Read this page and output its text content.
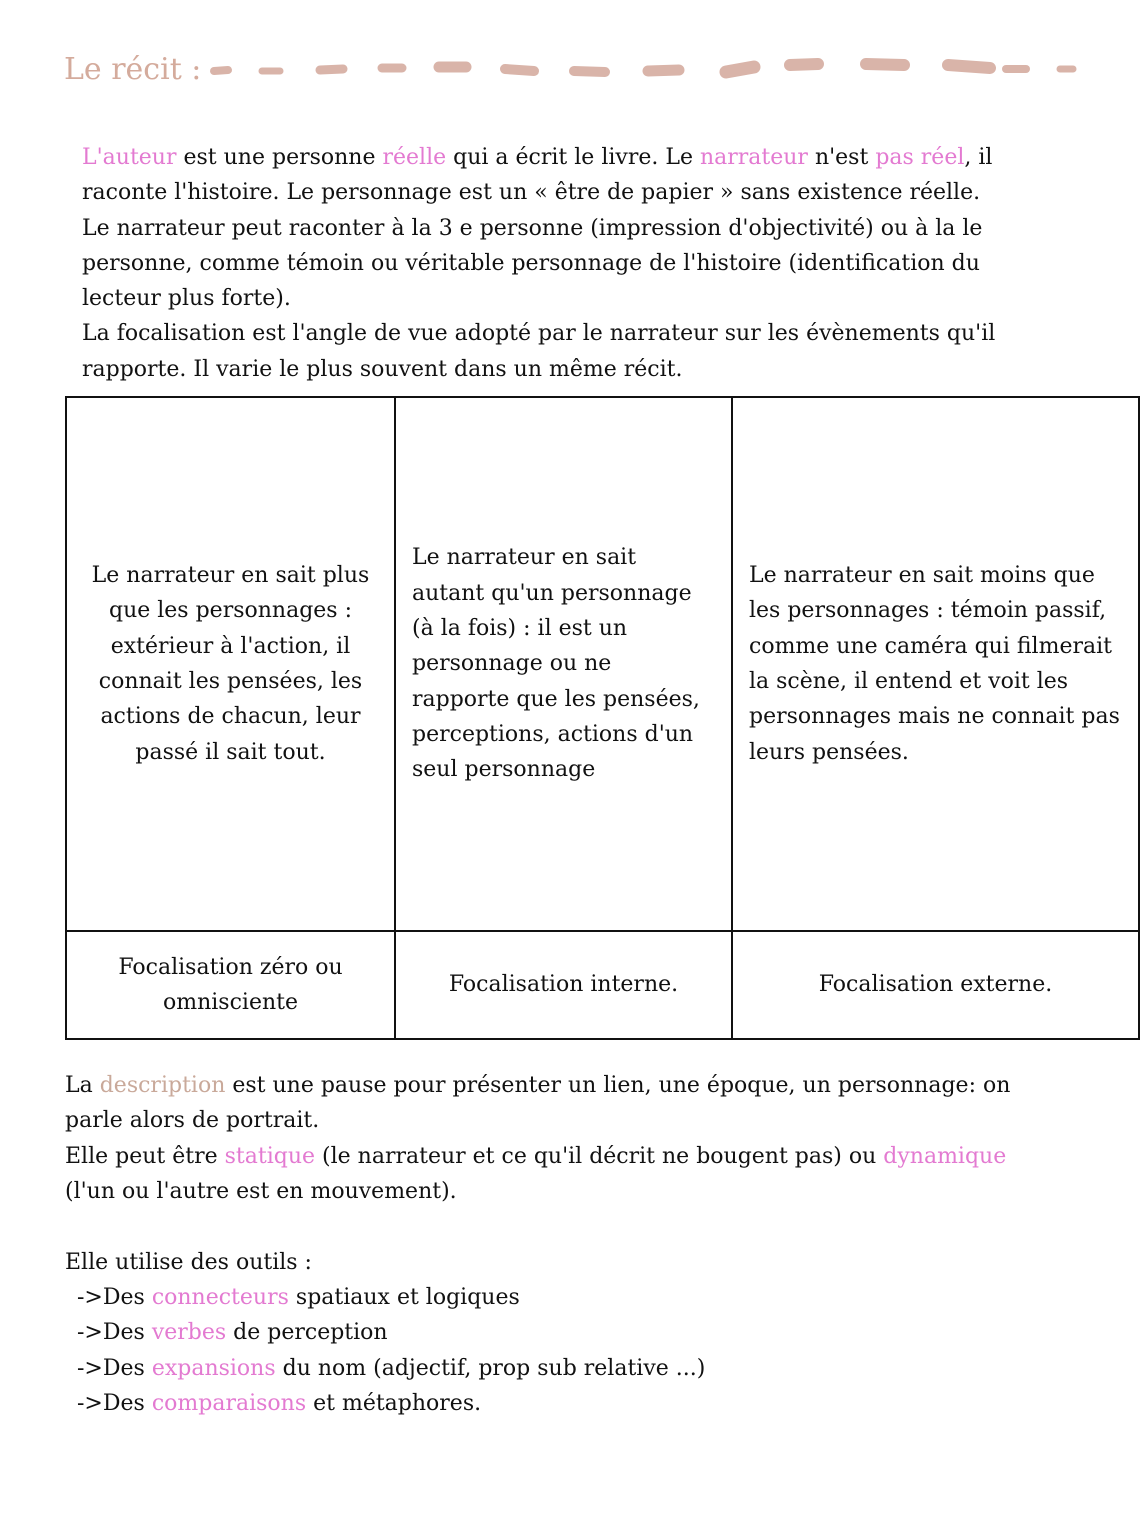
Le récit :

L'auteur est une personne réelle qui a écrit le livre. Le narrateur n'est pas réel, il raconte l'histoire. Le personnage est un « être de papier » sans existence réelle.

Le narrateur peut raconter à la 3 e personne (impression d'objectivité) ou à la le personne, comme témoin ou véritable personnage de l'histoire (identification du lecteur plus forte).

La focalisation est l'angle de vue adopté par le narrateur sur les évènements qu'il rapporte. Il varie le plus souvent dans un même récit.

Le narrateur en sait plus que les personnages : extérieur à l'action, il connait les pensées, les actions de chacun, leur passé il sait tout.	Le narrateur en sait autant qu'un personnage (à la fois) : il est un personnage ou ne rapporte que les pensées, perceptions, actions d'un seul personnage	Le narrateur en sait moins que les personnages : témoin passif, comme une caméra qui filmerait la scène, il entend et voit les personnages mais ne connait pas leurs pensées.
Focalisation zéro ou omnisciente	Focalisation interne.	Focalisation externe.

La description est une pause pour présenter un lien, une époque, un personnage: on parle alors de portrait.

Elle peut être statique (le narrateur et ce qu'il décrit ne bougent pas) ou dynamique (l'un ou l'autre est en mouvement).

Elle utilise des outils :
->Des connecteurs spatiaux et logiques
->Des verbes de perception
->Des expansions du nom (adjectif, prop sub relative ...)
->Des comparaisons et métaphores.
